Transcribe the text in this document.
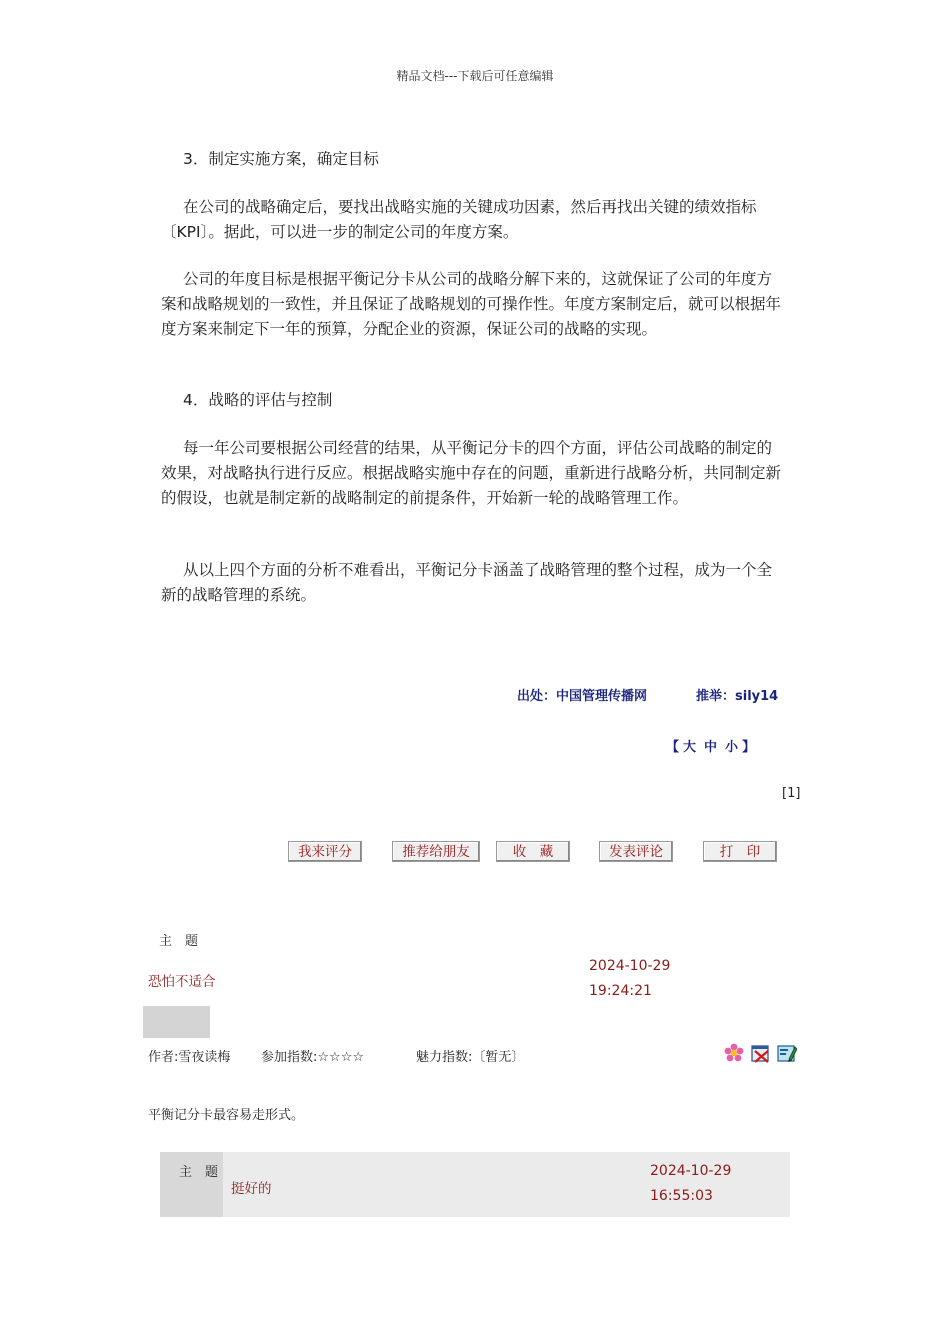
精品文档---下载后可任意编辑
3．制定实施方案，确定目标
在公司的战略确定后，要找出战略实施的关键成功因素，然后再找出关键的绩效指标〔KPI〕。据此，可以进一步的制定公司的年度方案。
公司的年度目标是根据平衡记分卡从公司的战略分解下来的，这就保证了公司的年度方案和战略规划的一致性，并且保证了战略规划的可操作性。年度方案制定后，就可以根据年度方案来制定下一年的预算，分配企业的资源，保证公司的战略的实现。
4．战略的评估与控制
每一年公司要根据公司经营的结果，从平衡记分卡的四个方面，评估公司战略的制定的效果，对战略执行进行反应。根据战略实施中存在的问题，重新进行战略分析，共同制定新的假设，也就是制定新的战略制定的前提条件，开始新一轮的战略管理工作。
从以上四个方面的分析不难看出，平衡记分卡涵盖了战略管理的整个过程，成为一个全新的战略管理的系统。
出处：中国管理传播网	推举：sily14
【 大 中 小 】
[1]
我来评分	推荐给朋友	收　藏	发表评论	打　印
主　题
恐怕不适合
2024-10-29
19:24:21
作者:雪夜读梅 参加指数:☆☆☆☆	魅力指数:〔暂无〕
平衡记分卡最容易走形式。
主　题
挺好的
2024-10-29
16:55:03
